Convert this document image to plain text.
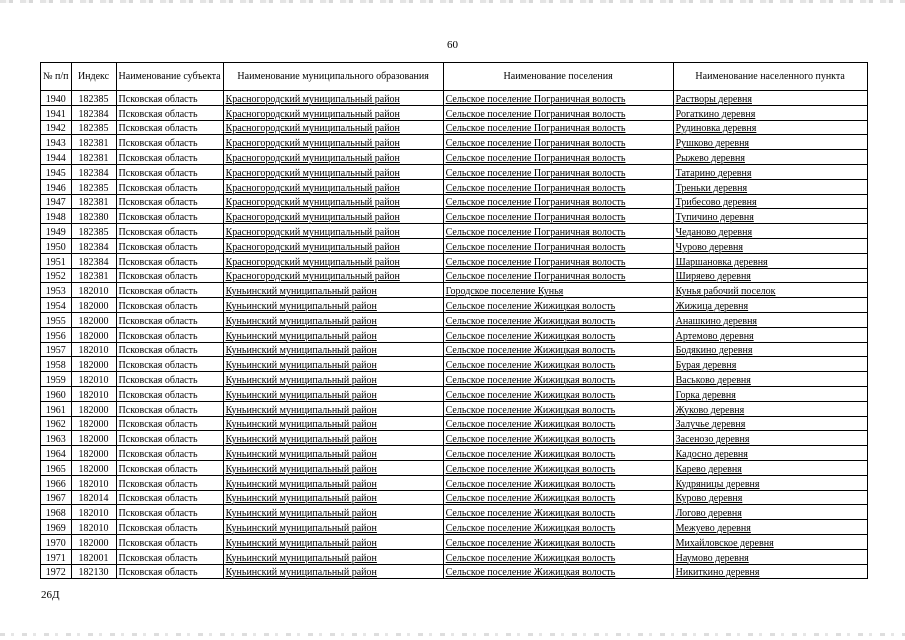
60
№ п/п	Индекс	Наименование субъекта	Наименование муниципального образования	Наименование поселения	Наименование населенного пункта
1940	182385	Псковская область	Красногородский муниципальный район	Сельское поселение Пограничная волость	Растворы деревня
1941	182384	Псковская область	Красногородский муниципальный район	Сельское поселение Пограничная волость	Рогаткино деревня
1942	182385	Псковская область	Красногородский муниципальный район	Сельское поселение Пограничная волость	Рудиновка деревня
1943	182381	Псковская область	Красногородский муниципальный район	Сельское поселение Пограничная волость	Рушково деревня
1944	182381	Псковская область	Красногородский муниципальный район	Сельское поселение Пограничная волость	Рыжево деревня
1945	182384	Псковская область	Красногородский муниципальный район	Сельское поселение Пограничная волость	Татарино деревня
1946	182385	Псковская область	Красногородский муниципальный район	Сельское поселение Пограничная волость	Треньки деревня
1947	182381	Псковская область	Красногородский муниципальный район	Сельское поселение Пограничная волость	Трибесово деревня
1948	182380	Псковская область	Красногородский муниципальный район	Сельское поселение Пограничная волость	Тупичино деревня
1949	182385	Псковская область	Красногородский муниципальный район	Сельское поселение Пограничная волость	Чеданово деревня
1950	182384	Псковская область	Красногородский муниципальный район	Сельское поселение Пограничная волость	Чурово деревня
1951	182384	Псковская область	Красногородский муниципальный район	Сельское поселение Пограничная волость	Шаршановка деревня
1952	182381	Псковская область	Красногородский муниципальный район	Сельское поселение Пограничная волость	Ширяево деревня
1953	182010	Псковская область	Куньинский муниципальный район	Городское поселение Кунья	Кунья рабочий поселок
1954	182000	Псковская область	Куньинский муниципальный район	Сельское поселение Жижицкая волость	Жижица деревня
1955	182000	Псковская область	Куньинский муниципальный район	Сельское поселение Жижицкая волость	Анашкино деревня
1956	182000	Псковская область	Куньинский муниципальный район	Сельское поселение Жижицкая волость	Артемово деревня
1957	182010	Псковская область	Куньинский муниципальный район	Сельское поселение Жижицкая волость	Бодякино деревня
1958	182000	Псковская область	Куньинский муниципальный район	Сельское поселение Жижицкая волость	Бурая деревня
1959	182010	Псковская область	Куньинский муниципальный район	Сельское поселение Жижицкая волость	Васьково деревня
1960	182010	Псковская область	Куньинский муниципальный район	Сельское поселение Жижицкая волость	Горка деревня
1961	182000	Псковская область	Куньинский муниципальный район	Сельское поселение Жижицкая волость	Жуково деревня
1962	182000	Псковская область	Куньинский муниципальный район	Сельское поселение Жижицкая волость	Залучье деревня
1963	182000	Псковская область	Куньинский муниципальный район	Сельское поселение Жижицкая волость	Засенозо деревня
1964	182000	Псковская область	Куньинский муниципальный район	Сельское поселение Жижицкая волость	Кадосно деревня
1965	182000	Псковская область	Куньинский муниципальный район	Сельское поселение Жижицкая волость	Карево деревня
1966	182010	Псковская область	Куньинский муниципальный район	Сельское поселение Жижицкая волость	Кудряницы деревня
1967	182014	Псковская область	Куньинский муниципальный район	Сельское поселение Жижицкая волость	Курово деревня
1968	182010	Псковская область	Куньинский муниципальный район	Сельское поселение Жижицкая волость	Логово деревня
1969	182010	Псковская область	Куньинский муниципальный район	Сельское поселение Жижицкая волость	Межуево деревня
1970	182000	Псковская область	Куньинский муниципальный район	Сельское поселение Жижицкая волость	Михайловское деревня
1971	182001	Псковская область	Куньинский муниципальный район	Сельское поселение Жижицкая волость	Наумово деревня
1972	182130	Псковская область	Куньинский муниципальный район	Сельское поселение Жижицкая волость	Никиткино деревня
26Д
